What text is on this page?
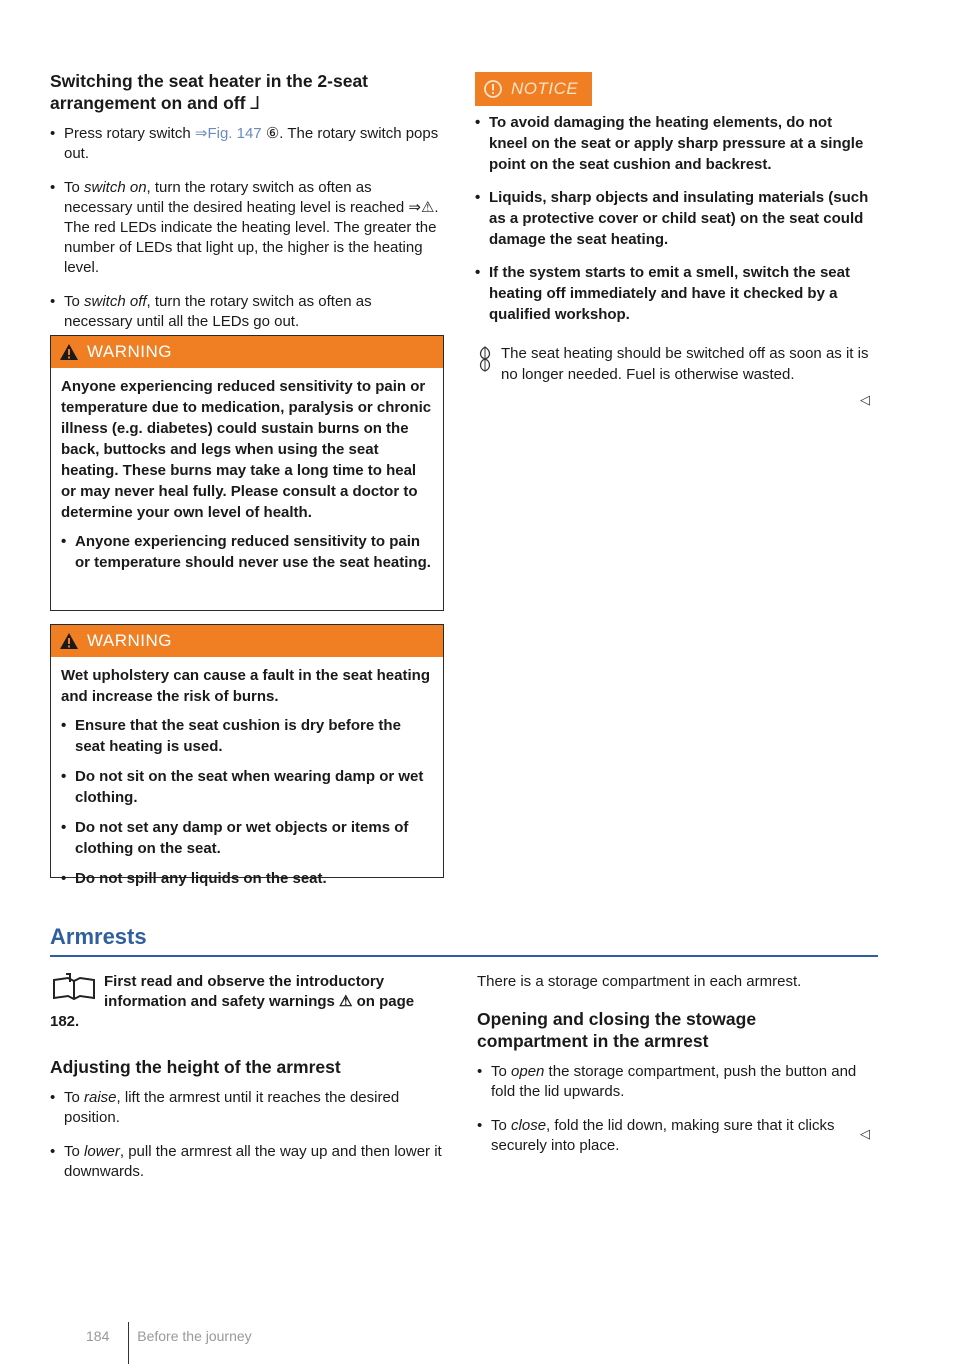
Switching the seat heater in the 2-seat arrangement on and off ⅃
• Press rotary switch ⇒Fig. 147 ⑥. The rotary switch pops out.
• To switch on, turn the rotary switch as often as necessary until the desired heating level is reached ⇒⚠. The red LEDs indicate the heating level. The greater the number of LEDs that light up, the higher is the heating level.
• To switch off, turn the rotary switch as often as necessary until all the LEDs go out.
WARNING

Anyone experiencing reduced sensitivity to pain or temperature due to medication, paralysis or chronic illness (e.g. diabetes) could sustain burns on the back, buttocks and legs when using the seat heating. These burns may take a long time to heal or may never heal fully. Please consult a doctor to determine your own level of health.

• Anyone experiencing reduced sensitivity to pain or temperature should never use the seat heating.
WARNING

Wet upholstery can cause a fault in the seat heating and increase the risk of burns.

• Ensure that the seat cushion is dry before the seat heating is used.
• Do not sit on the seat when wearing damp or wet clothing.
• Do not set any damp or wet objects or items of clothing on the seat.
• Do not spill any liquids on the seat.
NOTICE
• To avoid damaging the heating elements, do not kneel on the seat or apply sharp pressure at a single point on the seat cushion and backrest.
• Liquids, sharp objects and insulating materials (such as a protective cover or child seat) on the seat could damage the seat heating.
• If the system starts to emit a smell, switch the seat heating off immediately and have it checked by a qualified workshop.
The seat heating should be switched off as soon as it is no longer needed. Fuel is otherwise wasted.
◁
Armrests
First read and observe the introductory information and safety warnings ⚠ on page 182.
Adjusting the height of the armrest
• To raise, lift the armrest until it reaches the desired position.
• To lower, pull the armrest all the way up and then lower it downwards.

There is a storage compartment in each armrest.

Opening and closing the stowage compartment in the armrest
• To open the storage compartment, push the button and fold the lid upwards.
• To close, fold the lid down, making sure that it clicks securely into place.
◁
184 Before the journey
